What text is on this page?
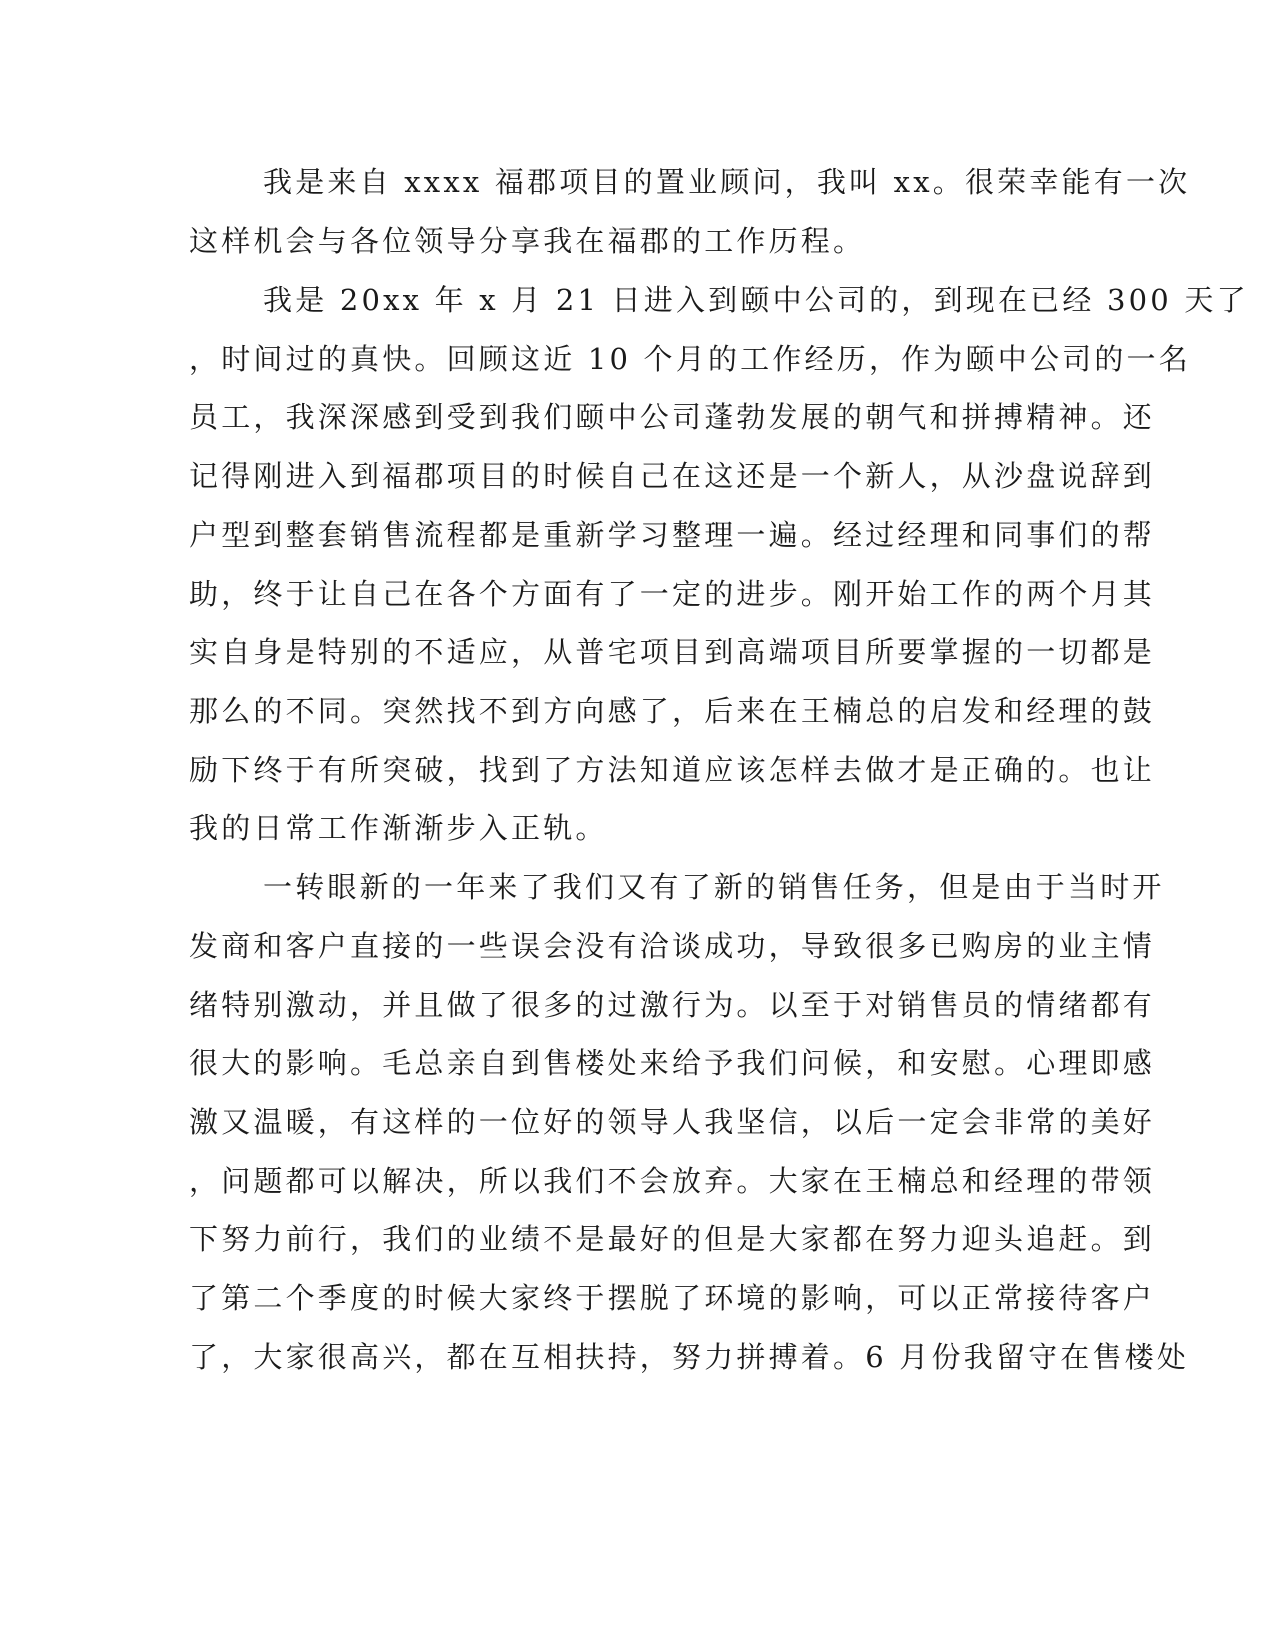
我是来自 xxxx 福郡项目的置业顾问，我叫 xx。很荣幸能有一次
这样机会与各位领导分享我在福郡的工作历程。
我是 20xx 年 x 月 21 日进入到颐中公司的，到现在已经 300 天了
，时间过的真快。回顾这近 10 个月的工作经历，作为颐中公司的一名
员工，我深深感到受到我们颐中公司蓬勃发展的朝气和拼搏精神。还
记得刚进入到福郡项目的时候自己在这还是一个新人，从沙盘说辞到
户型到整套销售流程都是重新学习整理一遍。经过经理和同事们的帮
助，终于让自己在各个方面有了一定的进步。刚开始工作的两个月其
实自身是特别的不适应，从普宅项目到高端项目所要掌握的一切都是
那么的不同。突然找不到方向感了，后来在王楠总的启发和经理的鼓
励下终于有所突破，找到了方法知道应该怎样去做才是正确的。也让
我的日常工作渐渐步入正轨。
一转眼新的一年来了我们又有了新的销售任务，但是由于当时开
发商和客户直接的一些误会没有洽谈成功，导致很多已购房的业主情
绪特别激动，并且做了很多的过激行为。以至于对销售员的情绪都有
很大的影响。毛总亲自到售楼处来给予我们问候，和安慰。心理即感
激又温暖，有这样的一位好的领导人我坚信，以后一定会非常的美好
，问题都可以解决，所以我们不会放弃。大家在王楠总和经理的带领
下努力前行，我们的业绩不是最好的但是大家都在努力迎头追赶。到
了第二个季度的时候大家终于摆脱了环境的影响，可以正常接待客户
了，大家很高兴，都在互相扶持，努力拼搏着。6 月份我留守在售楼处
